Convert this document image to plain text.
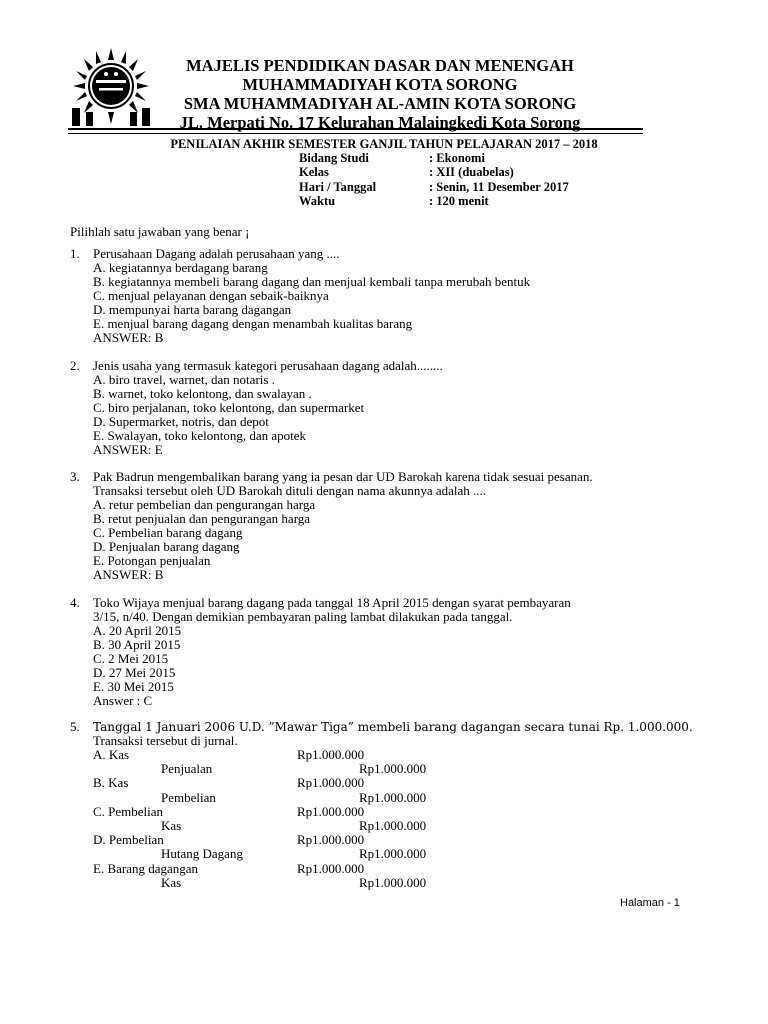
MAJELIS PENDIDIKAN DASAR DAN MENENGAH
MUHAMMADIYAH KOTA SORONG
SMA MUHAMMADIYAH AL-AMIN KOTA SORONG
JL. Merpati No. 17 Kelurahan Malaingkedi Kota Sorong
PENILAIAN AKHIR SEMESTER GANJIL TAHUN PELAJARAN 2017 – 2018
Bidang Studi	: Ekonomi
Kelas	: XII (duabelas)
Hari / Tanggal	: Senin, 11 Desember 2017
Waktu	: 120 menit
Pilihlah satu jawaban yang benar ¡
1. Perusahaan Dagang adalah perusahaan yang ....
A. kegiatannya berdagang barang
B. kegiatannya membeli barang dagang dan menjual kembali tanpa merubah bentuk
C. menjual pelayanan dengan sebaik-baiknya
D. mempunyai harta barang dagangan
E. menjual barang dagang dengan menambah kualitas barang
ANSWER: B
2. Jenis usaha yang termasuk kategori perusahaan dagang adalah........
A. biro travel, warnet, dan notaris .
B. warnet, toko kelontong, dan swalayan .
C. biro perjalanan, toko kelontong, dan supermarket
D. Supermarket, notris, dan depot
E. Swalayan, toko kelontong, dan apotek
ANSWER: E
3. Pak Badrun mengembalikan barang yang ia pesan dar UD Barokah karena tidak sesuai pesanan.
Transaksi tersebut oleh UD Barokah dituli dengan nama akunnya adalah ....
A. retur pembelian dan pengurangan harga
B. retut penjualan dan pengurangan harga
C. Pembelian barang dagang
D. Penjualan barang dagang
E. Potongan penjualan
ANSWER: B
4. Toko Wijaya menjual barang dagang pada tanggal 18 April 2015 dengan syarat pembayaran
3/15, n/40. Dengan demikian pembayaran paling lambat dilakukan pada tanggal.
A. 20 April 2015
B. 30 April 2015
C. 2 Mei 2015
D. 27 Mei 2015
E. 30 Mei 2015
Answer : C
5. Tanggal 1 Januari 2006 U.D. ”Mawar Tiga” membeli barang dagangan secara tunai Rp. 1.000.000.
Transaksi tersebut di jurnal.
A. Kas	Rp1.000.000
Penjualan	Rp1.000.000
B. Kas	Rp1.000.000
Pembelian	Rp1.000.000
C. Pembelian	Rp1.000.000
Kas	Rp1.000.000
D. Pembelian	Rp1.000.000
Hutang Dagang	Rp1.000.000
E. Barang dagangan	Rp1.000.000
Kas	Rp1.000.000
Halaman - 1
